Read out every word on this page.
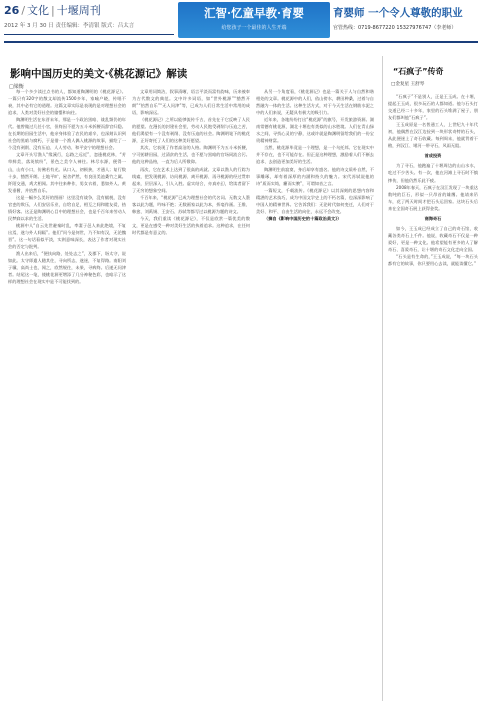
26 / 文化 | 十堰周刊
2012 年 3 月 30 日 责任编辑：李清银 版式：吕太言
汇智·忆童早教·育婴
给您孩子一个最佳的人生开端
育婴师 一个令人尊敬的职业
官管热线：0719-8677220 15327976747（李老师）
影响中国历史的美文·《桃花源记》解读
□梁衡

每一个多少读过点书的人，都知道陶渊明的《桃花源记》。一篇只有320字的散文却流传1500多年，家喻户晓，传唱不衰，其中必有它的道理。这篇文章实际是表现的是对理想社会的追求，人类对美好社会的憧憬和向往。

陶渊明生活在东晋末年，那是一个政治黑暗、战乱频仍的年代。他曾做过几任小官，但终因不愿为五斗米折腰而辞官归隐。在长期的田园生活中，他亲身体验了农民的艰辛，也深刻认识到社会的黑暗与腐朽，于是借一个渔人偶入桃源的故事，描绘了一个没有剥削、没有压迫、人人劳动、和平安宁的理想社会。

文章开头写渔人“缘溪行，忘路之远近”，忽逢桃花林，“芳草鲜美，落英缤纷”，景色之美令人神往。林尽水源，便得一山，山有小口，仿佛若有光。从口入，初极狭，才通人；复行数十步，豁然开朗。土地平旷，屋舍俨然，有良田美池桑竹之属。阡陌交通，鸡犬相闻。其中往来种作，男女衣着，悉如外人。黄发垂髫，并怡然自乐。

这是一幅多么美好的图画！这里没有战争，没有赋税，没有官吏的欺压，人们安居乐业，自给自足，相互之间和睦友爱，热情好客。这正是陶渊明心目中的理想社会，也是千百年来劳动人民梦寐以求的生活。

桃源中人“自云先世避秦时乱，率妻子邑人来此绝境，不复出焉，遂与外人间隔”。他们“问今是何世，乃不知有汉，无论魏晋”。这一句话看似平淡，实则意味深长，表达了作者对现实社会的否定与批判。

渔人出来后，“便扶向路，处处志之”，及郡下，诣太守，说如此。太守即遣人随其往，寻向所志，遂迷，不复得路。南阳刘子骥，高尚士也，闻之，欣然规往，未果，寻病终。后遂无问津者。结尾这一笔，使桃花源更增添了几分神秘色彩，也暗示了这样的理想社会在现实中是不可能找到的。

文章用词简洁，叙事清晰，语言平淡而富有韵味，历来被奉为古代散文的典范。文中许多词语，如“世外桃源”“豁然开朗”“怡然自乐”“无人问津”等，已成为人们日常生活中常用的成语，影响深远。

《桃花源记》之所以能够流传千古，首先在于它反映了人民的愿望。在漫长的封建社会里，劳动人民饱受剥削与压迫之苦，他们渴望有一个没有剥削、没有压迫的社会。陶渊明笔下的桃花源，正好寄托了人们的这种美好愿望。

其次，它表现了作者高洁的人格。陶渊明不为五斗米折腰，宁可躬耕田园，过清贫的生活，也不愿与黑暗的官场同流合污。他的这种品格，一直为后人所敬仰。

再次，它在艺术上达到了很高的成就。文章以渔人的行踪为线索，把发现桃源、访问桃源、离开桃源、再寻桃源的经过贯串起来，层层深入，引人入胜。虚实结合，亦真亦幻，给读者留下了无穷的想象空间。

千百年来，“桃花源”已成为理想社会的代名词。无数文人墨客以此为题，吟咏不绝；无数画家以此为本，挥毫作画。王维、韩愈、刘禹锡、王安石、苏轼等都写过以桃源为题的诗文。

今天，我们重读《桃花源记》，不仅是欣赏一篇优美的散文，更是在感受一种对美好生活的执着追求。这种追求，在任何时代都是有意义的。

从另一个角度看，《桃花源记》也是一篇关于人与自然和谐相处的文章。桃花源中的人们，依山傍水，耕田种桑，过着与自然融为一体的生活。这种生活方式，对于今天生活在钢筋水泥之中的人们来说，无疑具有极大的吸引力。

近年来，各地纷纷打出“桃花源”的旗号，开发旅游资源。湖南常德有桃花源，湖北十堰也有类似的山水胜境。人们在青山绿水之间，寻找心灵的宁静，这或许就是陶渊明留给我们的一份宝贵精神财富。

当然，桃花源毕竟是一个理想，是一个乌托邦。它在现实中并不存在，也不可能存在。但正是这种理想，激励着人们不断去追求、去创造更加美好的生活。

陶渊明生前寂寞，身后却享有盛名。他的诗文质朴自然，不事雕琢，却有着深厚的内涵和持久的魅力。宋代苏轼说他的诗“质而实绮，癯而实腴”，可谓知音之言。

一篇短文，千载流传。《桃花源记》以其深刻的思想内容和精湛的艺术技巧，成为中国文学史上的不朽名篇，也深深影响了中国人的精神世界。它告诉我们：无论时代如何变迁，人们对于美好、和平、自由生活的向往，永远不会改变。

（摘自《影响中国历史的十篇政治美文》）

“石疯子”传奇
□金复星 王舒琴

“石疯子”不是别人，正是王玉成。在十堰，提起王玉成，很多玩石的人都知道。他与石头打交道已经二十多年，家里的石头堆满了屋子，朋友们都叫他“石疯子”。

王玉成原是一名普通工人，上世纪九十年代初，他偶然在汉江边捡到一块形状奇特的石头，从此便迷上了奇石收藏。每到周末，他就背着干粮，到汉江、堵河一带寻石，风雨无阻。

首成投资

为了寻石，他跑遍了十堰周边的山山水水，吃过不少苦头。有一次，他在河滩上寻石时不慎摔伤，但他仍然乐此不疲。

2008年春天，石疯子在汉江发现了一块重达数吨的巨石，形似一只昂首的雄鹰。他请来吊车，花了两天时间才把石头运回家。这块石头后来在全国奇石展上获得金奖。

商海奇石

如今，王玉成已经成立了自己的奇石馆，收藏各类奇石上千件。他说，收藏奇石不仅是一种爱好，更是一种文化。他希望能有更多的人了解奇石、喜爱奇石，让十堰的奇石文化走向全国。

“石头是有生命的，”王玉成说，“每一块石头都有它的故事，你只要用心去读，就能读懂它。”
